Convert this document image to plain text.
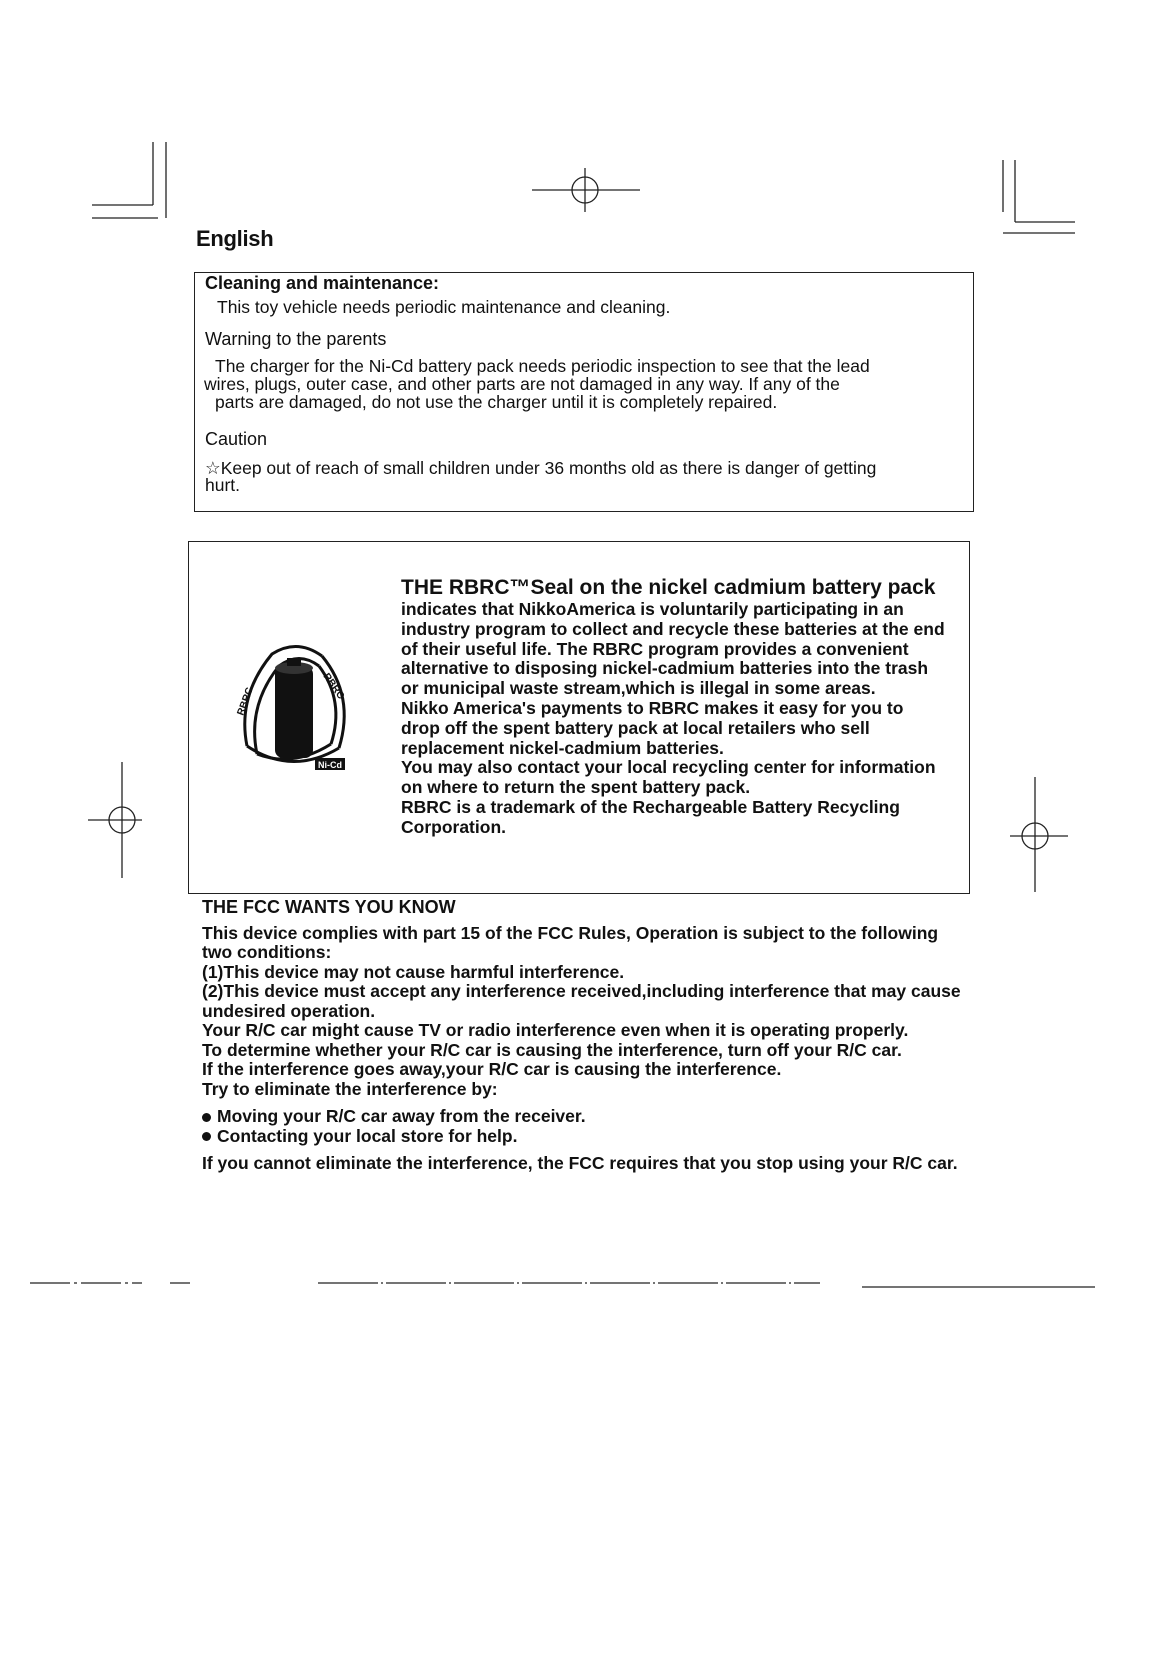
English
Cleaning and maintenance:
This toy vehicle needs periodic maintenance and cleaning.
Warning to the parents
The charger for the Ni-Cd battery pack needs periodic inspection to see that the lead
wires, plugs, outer case, and other parts are not damaged in any way. If any of the
parts are damaged, do not use the charger until it is completely repaired.
Caution
☆Keep out of reach of small children under 36 months old as there is danger of getting
hurt.
RBRC	RBRC
Ni-Cd

THE RBRC™Seal on the nickel cadmium battery pack

indicates that NikkoAmerica is voluntarily participating in an industry program to collect and recycle these batteries at the end of their useful life. The RBRC program provides a convenient alternative to disposing nickel-cadmium batteries into the trash or municipal waste stream,which is illegal in some areas.

Nikko America's payments to RBRC makes it easy for you to drop off the spent battery pack at local retailers who sell replacement nickel-cadmium batteries.

You may also contact your local recycling center for information on where to return the spent battery pack.

RBRC is a trademark of the Rechargeable Battery Recycling Corporation.

THE FCC WANTS YOU KNOW

This device complies with part 15 of the FCC Rules, Operation is subject to the following two conditions:

(1)This device may not cause harmful interference.

(2)This device must accept any interference received,including interference that may cause undesired operation.

Your R/C car might cause TV or radio interference even when it is operating properly.

To determine whether your R/C car is causing the interference, turn off your R/C car.

If the interference goes away,your R/C car is causing the interference.

Try to eliminate the interference by:

Moving your R/C car away from the receiver.

Contacting your local store for help.

If you cannot eliminate the interference, the FCC requires that you stop using your R/C car.
